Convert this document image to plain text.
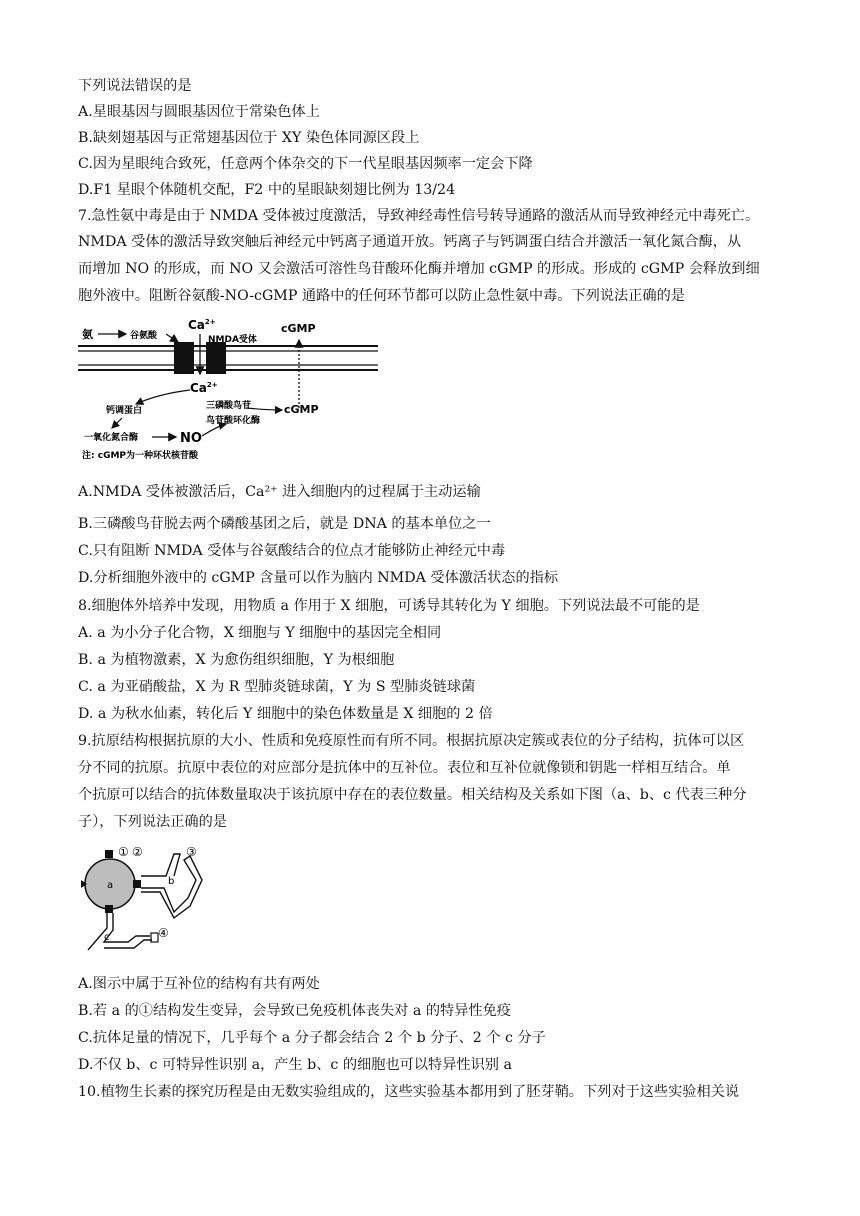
下列说法错误的是
A.星眼基因与圆眼基因位于常染色体上
B.缺刻翅基因与正常翅基因位于 XY 染色体同源区段上
C.因为星眼纯合致死，任意两个体杂交的下一代星眼基因频率一定会下降
D.F1 星眼个体随机交配，F2 中的星眼缺刻翅比例为 13/24
7.急性氨中毒是由于 NMDA 受体被过度激活，导致神经毒性信号转导通路的激活从而导致神经元中毒死亡。
NMDA 受体的激活导致突触后神经元中钙离子通道开放。钙离子与钙调蛋白结合并激活一氧化氮合酶，从
而增加 NO 的形成，而 NO 又会激活可溶性鸟苷酸环化酶并增加 cGMP 的形成。形成的 cGMP 会释放到细
胞外液中。阻断谷氨酸-NO-cGMP 通路中的任何环节都可以防止急性氨中毒。下列说法正确的是
氨	谷氨酸
$Ca^{2+}$
NMDA受体
cGMP
$Ca^{2+}$
钙调蛋白	三磷酸鸟苷	cGMP
鸟苷酸环化酶
一氧化氮合酶	NO
注: cGMP为一种环状核苷酸
A.NMDA 受体被激活后，Ca²⁺ 进入细胞内的过程属于主动运输
B.三磷酸鸟苷脱去两个磷酸基团之后，就是 DNA 的基本单位之一
C.只有阻断 NMDA 受体与谷氨酸结合的位点才能够防止神经元中毒
D.分析细胞外液中的 cGMP 含量可以作为脑内 NMDA 受体激活状态的指标
8.细胞体外培养中发现，用物质 a 作用于 X 细胞，可诱导其转化为 Y 细胞。下列说法最不可能的是
A. a 为小分子化合物，X 细胞与 Y 细胞中的基因完全相同
B. a 为植物激素，X 为愈伤组织细胞，Y 为根细胞
C. a 为亚硝酸盐，X 为 R 型肺炎链球菌，Y 为 S 型肺炎链球菌
D. a 为秋水仙素，转化后 Y 细胞中的染色体数量是 X 细胞的 2 倍
9.抗原结构根据抗原的大小、性质和免疫原性而有所不同。根据抗原决定簇或表位的分子结构，抗体可以区
分不同的抗原。抗原中表位的对应部分是抗体中的互补位。表位和互补位就像锁和钥匙一样相互结合。单
个抗原可以结合的抗体数量取决于该抗原中存在的表位数量。相关结构及关系如下图（a、b、c 代表三种分
子），下列说法正确的是
a
① ②	③
④
b
c
A.图示中属于互补位的结构有共有两处
B.若 a 的①结构发生变异，会导致已免疫机体丧失对 a 的特异性免疫
C.抗体足量的情况下，几乎每个 a 分子都会结合 2 个 b 分子、2 个 c 分子
D.不仅 b、c 可特异性识别 a，产生 b、c 的细胞也可以特异性识别 a
10.植物生长素的探究历程是由无数实验组成的，这些实验基本都用到了胚芽鞘。下列对于这些实验相关说
